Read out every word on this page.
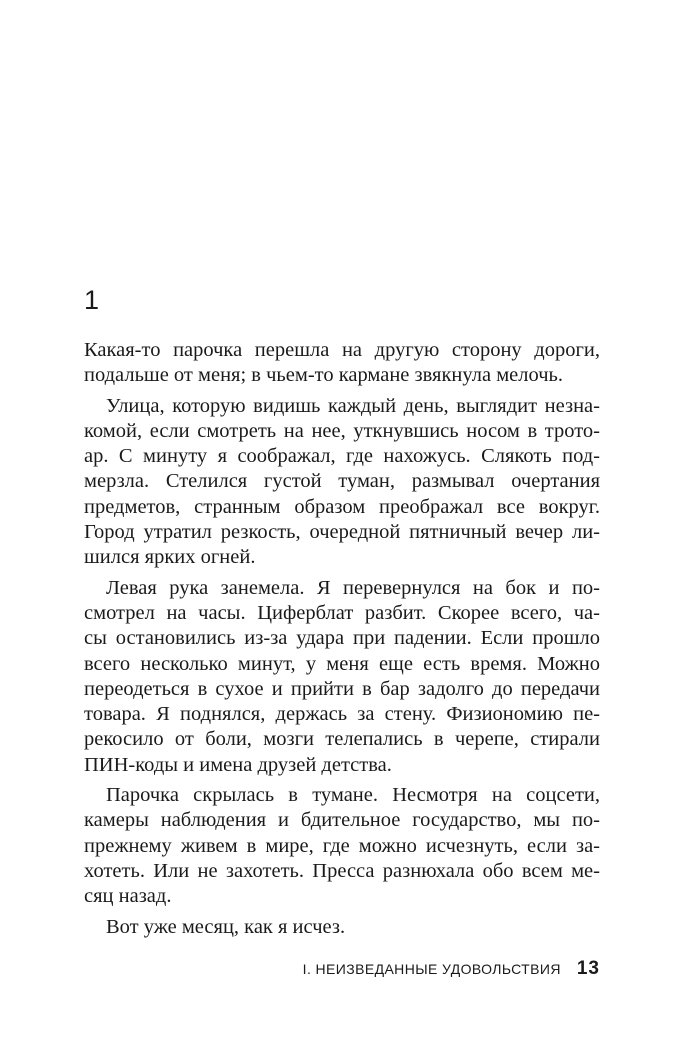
1
Какая-то парочка перешла на другую сторону дороги,
подальше от меня; в чьем-то кармане звякнула мелочь.
Улица, которую видишь каждый день, выглядит незна-
комой, если смотреть на нее, уткнувшись носом в трото-
ар. С минуту я соображал, где нахожусь. Слякоть под-
мерзла. Стелился густой туман, размывал очертания
предметов, странным образом преображал все вокруг.
Город утратил резкость, очередной пятничный вечер ли-
шился ярких огней.
Левая рука занемела. Я перевернулся на бок и по-
смотрел на часы. Циферблат разбит. Скорее всего, ча-
сы остановились из-за удара при падении. Если прошло
всего несколько минут, у меня еще есть время. Можно
переодеться в сухое и прийти в бар задолго до передачи
товара. Я поднялся, держась за стену. Физиономию пе-
рекосило от боли, мозги телепались в черепе, стирали
ПИН-коды и имена друзей детства.
Парочка скрылась в тумане. Несмотря на соцсети,
камеры наблюдения и бдительное государство, мы по-
прежнему живем в мире, где можно исчезнуть, если за-
хотеть. Или не захотеть. Пресса разнюхала обо всем ме-
сяц назад.
Вот уже месяц, как я исчез.
I. НЕИЗВЕДАННЫЕ УДОВОЛЬСТВИЯ 13
